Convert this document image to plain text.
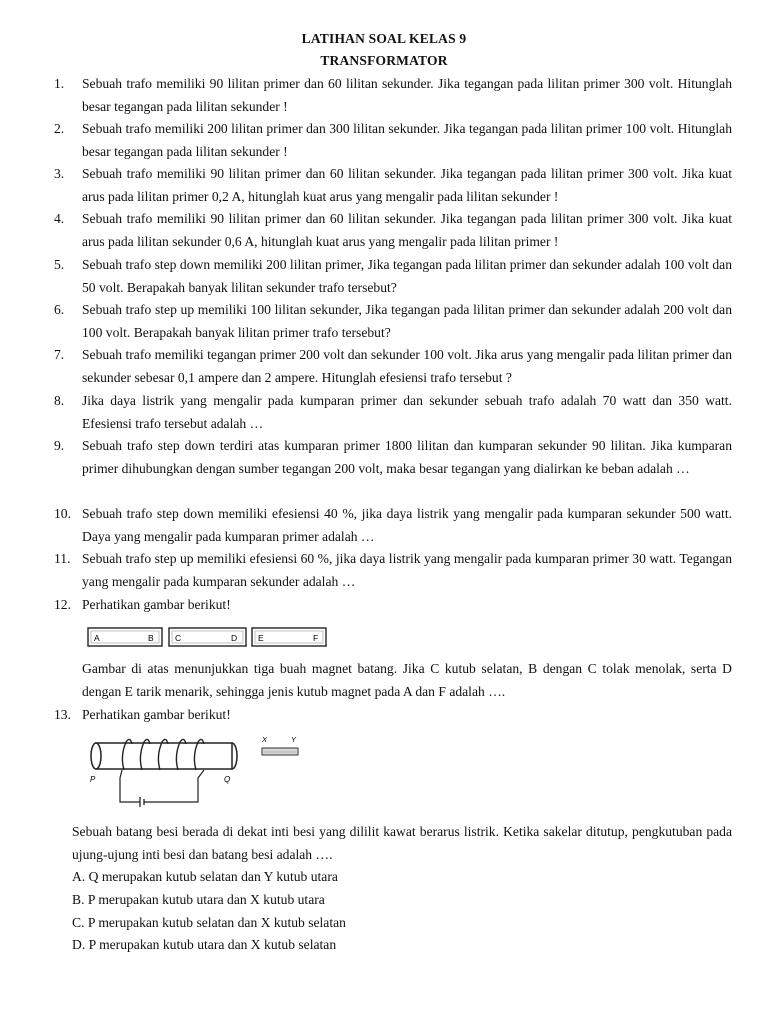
LATIHAN SOAL KELAS 9
TRANSFORMATOR
1.	Sebuah trafo memiliki 90 lilitan primer dan 60 lilitan sekunder. Jika tegangan pada lilitan primer 300 volt. Hitunglah besar tegangan pada lilitan sekunder !
2.	Sebuah trafo memiliki 200 lilitan primer dan 300 lilitan sekunder. Jika tegangan pada lilitan primer 100 volt. Hitunglah besar tegangan pada lilitan sekunder !
3.	Sebuah trafo memiliki 90 lilitan primer dan 60 lilitan sekunder. Jika tegangan pada lilitan primer 300 volt. Jika kuat arus pada lilitan primer 0,2 A, hitunglah kuat arus yang mengalir pada lilitan sekunder !
4.	Sebuah trafo memiliki 90 lilitan primer dan 60 lilitan sekunder. Jika tegangan pada lilitan primer 300 volt. Jika kuat arus pada lilitan sekunder 0,6 A, hitunglah kuat arus yang mengalir pada lilitan primer !
5.	Sebuah trafo step down memiliki 200 lilitan primer, Jika tegangan pada lilitan primer dan sekunder adalah 100 volt dan 50 volt. Berapakah banyak lilitan sekunder trafo tersebut?
6.	Sebuah trafo step up memiliki 100 lilitan sekunder, Jika tegangan pada lilitan primer dan sekunder adalah 200 volt dan 100 volt. Berapakah banyak lilitan primer trafo tersebut?
7.	Sebuah trafo memiliki tegangan primer 200 volt dan sekunder 100 volt. Jika arus yang mengalir pada lilitan primer dan sekunder sebesar 0,1 ampere dan 2 ampere. Hitunglah efesiensi trafo tersebut ?
8.	Jika daya listrik yang mengalir pada kumparan primer dan sekunder sebuah trafo adalah 70 watt dan 350 watt. Efesiensi trafo tersebut adalah …
9.	Sebuah trafo step down terdiri atas kumparan primer 1800 lilitan dan kumparan sekunder 90 lilitan. Jika kumparan primer dihubungkan dengan sumber tegangan 200 volt, maka besar tegangan yang dialirkan ke beban adalah …
10. Sebuah trafo step down memiliki efesiensi 40 %, jika daya listrik yang mengalir pada kumparan sekunder 500 watt. Daya yang mengalir pada kumparan primer adalah …
11. Sebuah trafo step up memiliki efesiensi 60 %, jika daya listrik yang mengalir pada kumparan primer 30 watt. Tegangan yang mengalir pada kumparan sekunder adalah …
12. Perhatikan gambar berikut!
A	B	C	D E	F
Gambar di atas menunjukkan tiga buah magnet batang. Jika C kutub selatan, B dengan C tolak menolak, serta D dengan E tarik menarik, sehingga jenis kutub magnet pada A dan F adalah ….
13. Perhatikan gambar berikut!
P	Q
X	Y
Sebuah batang besi berada di dekat inti besi yang dililit kawat berarus listrik. Ketika sakelar ditutup, pengkutuban pada ujung-ujung inti besi dan batang besi adalah ….
A. Q merupakan kutub selatan dan Y kutub utara
B. P merupakan kutub utara dan X kutub utara
C. P merupakan kutub selatan dan X kutub selatan
D. P merupakan kutub utara dan X kutub selatan
